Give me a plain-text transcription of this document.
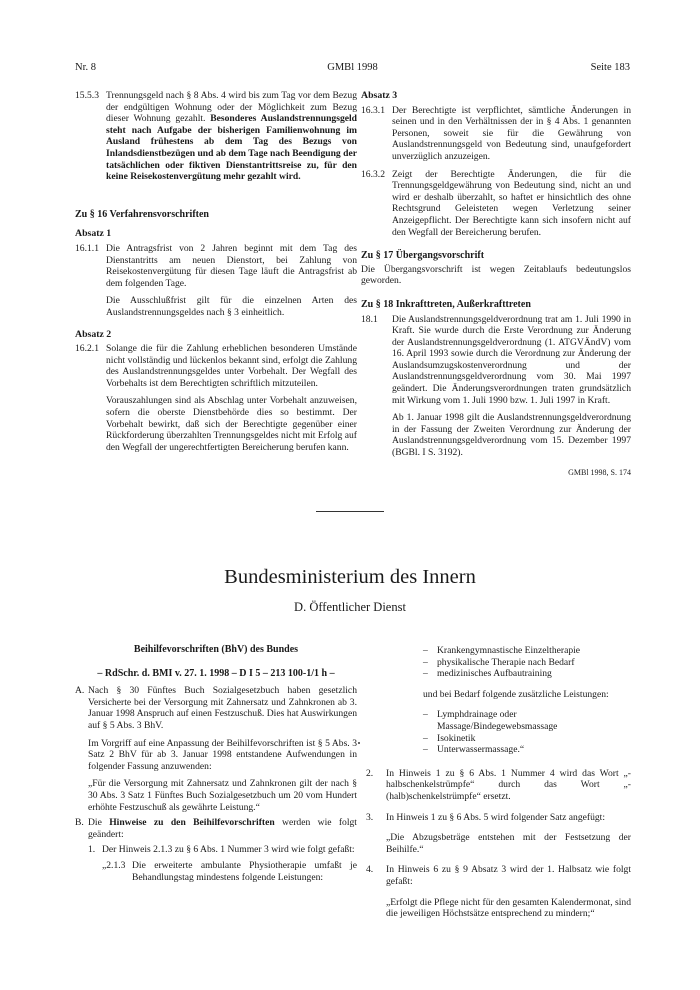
Nr. 8	GMBl 1998	Seite 183
15.5.3 Trennungsgeld nach § 8 Abs. 4 wird bis zum Tag vor dem Bezug der endgültigen Wohnung oder der Möglichkeit zum Bezug dieser Wohnung gezahlt. Besonderes Auslandstrennungsgeld steht nach Aufgabe der bisherigen Familienwohnung im Ausland frühestens ab dem Tag des Bezugs von Inlandsdienstbezügen und ab dem Tage nach Beendigung der tatsächlichen oder fiktiven Dienstantrittsreise zu, für den keine Reisekostenvergütung mehr gezahlt wird.

Zu § 16 Verfahrensvorschriften
Absatz 1
16.1.1 Die Antragsfrist von 2 Jahren beginnt mit dem Tag des Dienstantritts am neuen Dienstort, bei Zahlung von Reisekostenvergütung für diesen Tage läuft die Antragsfrist ab dem folgenden Tage.

Die Ausschlußfrist gilt für die einzelnen Arten des Auslandstrennungsgeldes nach § 3 einheitlich.

Absatz 2
16.2.1 Solange die für die Zahlung erheblichen besonderen Umstände nicht vollständig und lückenlos bekannt sind, erfolgt die Zahlung des Auslandstrennungsgeldes unter Vorbehalt. Der Wegfall des Vorbehalts ist dem Berechtigten schriftlich mitzuteilen.

Vorauszahlungen sind als Abschlag unter Vorbehalt anzuweisen, sofern die oberste Dienstbehörde dies so bestimmt. Der Vorbehalt bewirkt, daß sich der Berechtigte gegenüber einer Rückforderung überzahlten Trennungsgeldes nicht mit Erfolg auf den Wegfall der ungerechtfertigten Bereicherung berufen kann.

Absatz 3
16.3.1 Der Berechtigte ist verpflichtet, sämtliche Änderungen in seinen und in den Verhältnissen der in § 4 Abs. 1 genannten Personen, soweit sie für die Gewährung von Auslandstrennungsgeld von Bedeutung sind, unaufgefordert unverzüglich anzuzeigen.

16.3.2 Zeigt der Berechtigte Änderungen, die für die Trennungsgeldgewährung von Bedeutung sind, nicht an und wird er deshalb überzahlt, so haftet er hinsichtlich des ohne Rechtsgrund Geleisteten wegen Verletzung seiner Anzeigepflicht. Der Berechtigte kann sich insofern nicht auf den Wegfall der Bereicherung berufen.

Zu § 17 Übergangsvorschrift

Die Übergangsvorschrift ist wegen Zeitablaufs bedeutungslos geworden.

Zu § 18 Inkrafttreten, Außerkrafttreten
18.1	Die Auslandstrennungsgeldverordnung trat am 1. Juli 1990 in Kraft. Sie wurde durch die Erste Verordnung zur Änderung der Auslandstrennungsgeldverordnung (1. ATGVÄndV) vom 16. April 1993 sowie durch die Verordnung zur Änderung der Auslandsumzugskostenverordnung und der Auslandstrennungsgeldverordnung vom 30. Mai 1997 geändert. Die Änderungsverordnungen traten grundsätzlich mit Wirkung vom 1. Juli 1990 bzw. 1. Juli 1997 in Kraft.

Ab 1. Januar 1998 gilt die Auslandstrennungsgeldverordnung in der Fassung der Zweiten Verordnung zur Änderung der Auslandstrennungsgeldverordnung vom 15. Dezember 1997 (BGBl. I S. 3192).

GMBl 1998, S. 174
Bundesministerium des Innern
D. Öffentlicher Dienst
Beihilfevorschriften (BhV) des Bundes
– RdSchr. d. BMI v. 27. 1. 1998 – D I 5 – 213 100-1/1 h –
A. Nach § 30 Fünftes Buch Sozialgesetzbuch haben gesetzlich Versicherte bei der Versorgung mit Zahnersatz und Zahnkronen ab 3. Januar 1998 Anspruch auf einen Festzuschuß. Dies hat Auswirkungen auf § 5 Abs. 3 BhV.

Im Vorgriff auf eine Anpassung der Beihilfevorschriften ist § 5 Abs. 3 Satz 2 BhV für ab 3. Januar 1998 entstandene Aufwendungen in folgender Fassung anzuwenden:

„Für die Versorgung mit Zahnersatz und Zahnkronen gilt der nach § 30 Abs. 3 Satz 1 Fünftes Buch Sozialgesetzbuch um 20 vom Hundert erhöhte Festzuschuß als gewährte Leistung.“

B. Die Hinweise zu den Beihilfevorschriften werden wie folgt geändert:

1. Der Hinweis 2.1.3 zu § 6 Abs. 1 Nummer 3 wird wie folgt gefaßt:

„2.1.3 Die erweiterte ambulante Physiotherapie umfaßt je Behandlungstag mindestens folgende Leistungen:

– Krankengymnastische Einzeltherapie
– physikalische Therapie nach Bedarf
– medizinisches Aufbautraining

und bei Bedarf folgende zusätzliche Leistungen:

– Lymphdrainage oder Massage/Bindegewebsmassage
– Isokinetik
– Unterwassermassage.“
2.	In Hinweis 1 zu § 6 Abs. 1 Nummer 4 wird das Wort „-halbschenkelstrümpfe“ durch das Wort „-(halb)schenkelstrümpfe“ ersetzt.

3.	In Hinweis 1 zu § 6 Abs. 5 wird folgender Satz angefügt:

„Die Abzugsbeträge entstehen mit der Festsetzung der Beihilfe.“

4.	In Hinweis 6 zu § 9 Absatz 3 wird der 1. Halbsatz wie folgt gefaßt:

„Erfolgt die Pflege nicht für den gesamten Kalendermonat, sind die jeweiligen Höchstsätze entsprechend zu mindern;“
